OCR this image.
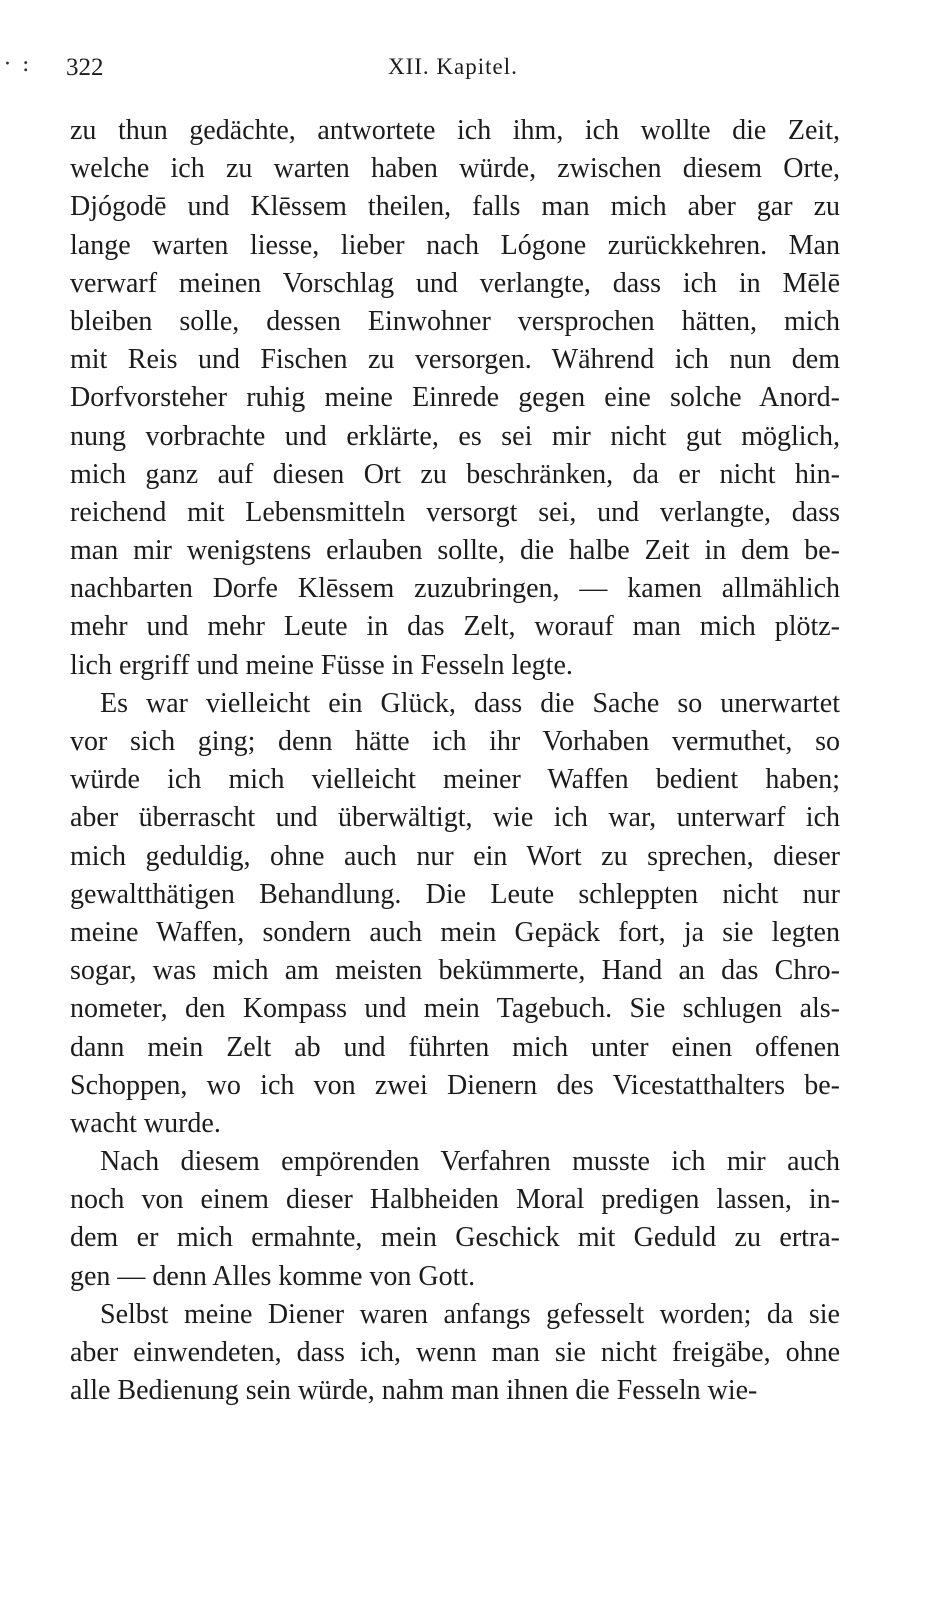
· : 322	XII. Kapitel.
zu thun gedächte, antwortete ich ihm, ich wollte die Zeit,
welche ich zu warten haben würde, zwischen diesem Orte,
Djógodē und Klēssem theilen, falls man mich aber gar zu
lange warten liesse, lieber nach Lógone zurückkehren. Man
verwarf meinen Vorschlag und verlangte, dass ich in Mēlē
bleiben solle, dessen Einwohner versprochen hätten, mich
mit Reis und Fischen zu versorgen. Während ich nun dem
Dorfvorsteher ruhig meine Einrede gegen eine solche Anord-
nung vorbrachte und erklärte, es sei mir nicht gut möglich,
mich ganz auf diesen Ort zu beschränken, da er nicht hin-
reichend mit Lebensmitteln versorgt sei, und verlangte, dass
man mir wenigstens erlauben sollte, die halbe Zeit in dem be-
nachbarten Dorfe Klēssem zuzubringen, — kamen allmählich
mehr und mehr Leute in das Zelt, worauf man mich plötz-
lich ergriff und meine Füsse in Fesseln legte.
Es war vielleicht ein Glück, dass die Sache so unerwartet
vor sich ging; denn hätte ich ihr Vorhaben vermuthet, so
würde ich mich vielleicht meiner Waffen bedient haben;
aber überrascht und überwältigt, wie ich war, unterwarf ich
mich geduldig, ohne auch nur ein Wort zu sprechen, dieser
gewaltthätigen Behandlung. Die Leute schleppten nicht nur
meine Waffen, sondern auch mein Gepäck fort, ja sie legten
sogar, was mich am meisten bekümmerte, Hand an das Chro-
nometer, den Kompass und mein Tagebuch. Sie schlugen als-
dann mein Zelt ab und führten mich unter einen offenen
Schoppen, wo ich von zwei Dienern des Vicestatthalters be-
wacht wurde.
Nach diesem empörenden Verfahren musste ich mir auch
noch von einem dieser Halbheiden Moral predigen lassen, in-
dem er mich ermahnte, mein Geschick mit Geduld zu ertra-
gen — denn Alles komme von Gott.
Selbst meine Diener waren anfangs gefesselt worden; da sie
aber einwendeten, dass ich, wenn man sie nicht freigäbe, ohne
alle Bedienung sein würde, nahm man ihnen die Fesseln wie-
